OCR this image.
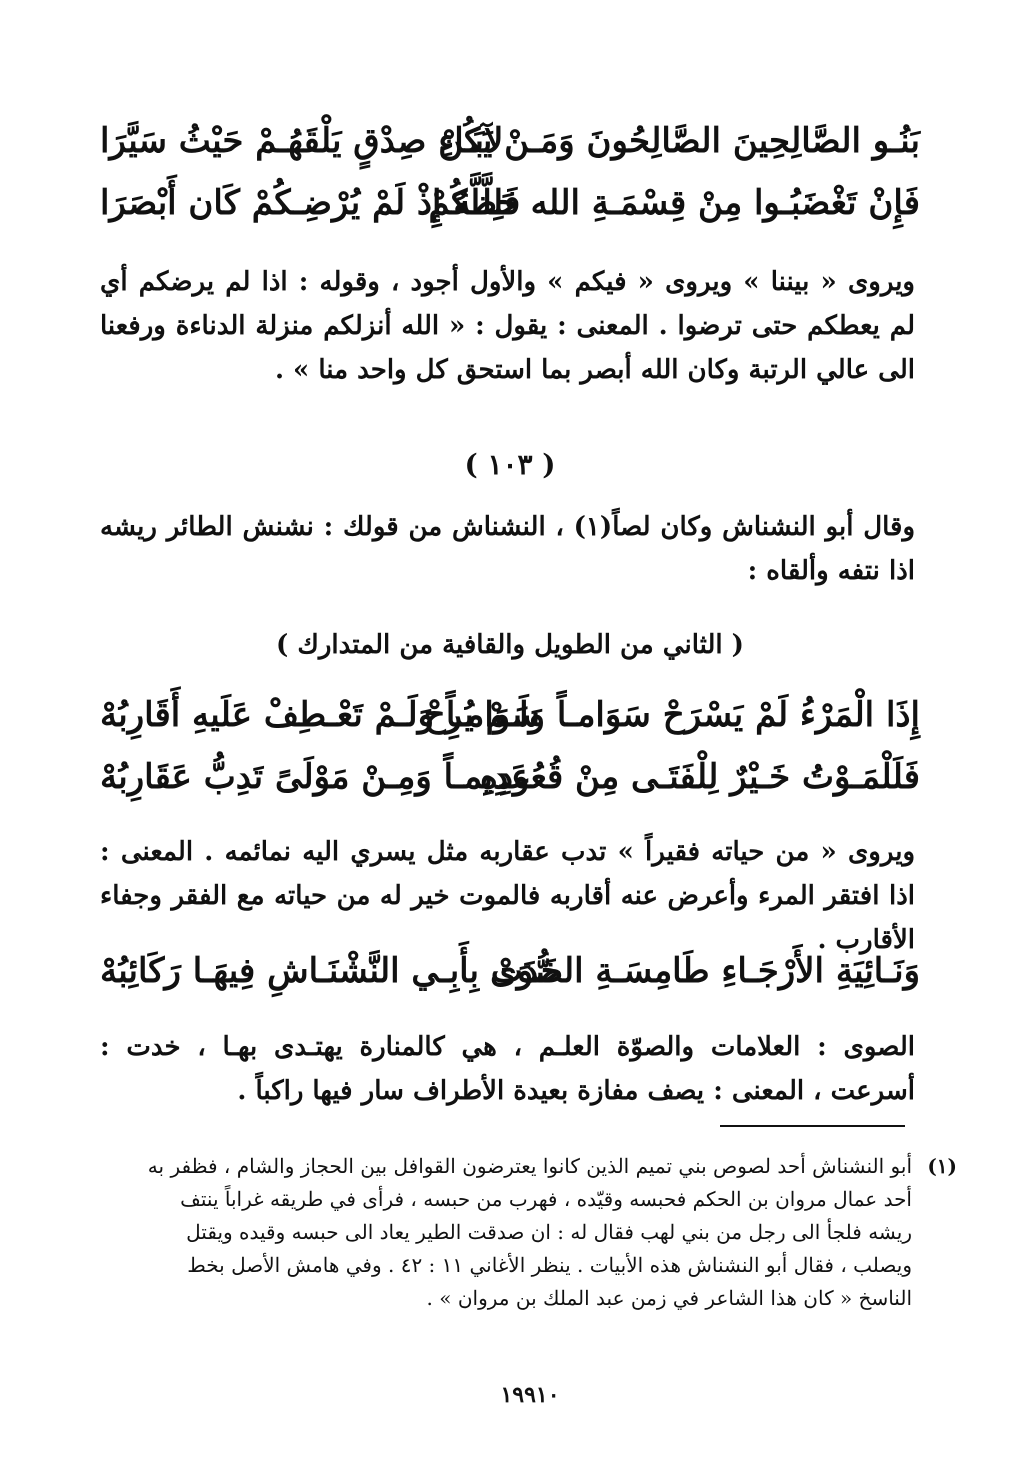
بَنُـو الصَّالِحِينَ الصَّالِحُونَ وَمَـنْ يَكُنْ
لآبَـاءِ صِدْقٍ يَلْقَهُـمْ حَيْثُ سَيَّرَا
فَإِنْ تَغْضَبُـوا مِنْ قِسْمَـةِ الله حَظَّكُمْ
فَلِلَّـهُ إِذْ لَمْ يُرْضِـكُمْ كَان أَبْصَرَا

ويروى « بيننا » ويروى « فيكم » والأول أجود ، وقوله : اذا لم يرضكم أي لم يعطكم حتى ترضوا . المعنى : يقول : « الله أنزلكم منزلة الدناءة ورفعنا الى عالي الرتبة وكان الله أبصر بما استحق كل واحد منا » .

( ١٠٣ )

وقال أبو النشناش وكان لصاً(١) ، النشناش من قولك : نشنش الطائر ريشه اذا نتفه وألقاه :

( الثاني من الطويل والقافية من المتدارك )

إِذَا الْمَرْءُ لَمْ يَسْرَحْ سَوَامـاً وَلَـمْ يُرِحْ
سَوَامـاً وَلَـمْ تَعْـطِفْ عَلَيهِ أَقَارِبُهْ
فَلَلْمَـوْتُ خَـيْرٌ لِلْفَتَـى مِنْ قُعُودِهِ
عَدِيمـاً وَمِـنْ مَوْلَىً تَدِبُّ عَقَارِبُهْ

ويروى « من حياته فقيراً » تدب عقاربه مثل يسري اليه نمائمه . المعنى : اذا افتقر المرء وأعرض عنه أقاربه فالموت خير له من حياته مع الفقر وجفاء الأقارب .

وَنَـائِيَةِ الأَرْجَـاءِ طَامِسَـةِ الصُّوَى
خَدَتْ بِأَبِـي النَّشْنَـاشِ فِيهَـا رَكَائِبُهْ

الصوى : العلامات والصوّة العلـم ، هي كالمنارة يهتـدى بهـا ، خدت : أسرعت ، المعنى : يصف مفازة بعيدة الأطراف سار فيها راكباً .

(١)

أبو النشناش أحد لصوص بني تميم الذين كانوا يعترضون القوافل بين الحجاز والشام ، فظفر به أحد عمال مروان بن الحكم فحبسه وقيّده ، فهرب من حبسه ، فرأى في طريقه غراباً ينتف ريشه فلجأ الى رجل من بني لهب فقال له : ان صدقت الطير يعاد الى حبسه وقيده ويقتل ويصلب ، فقال أبو النشناش هذه الأبيات . ينظر الأغاني ١١ : ٤٢ . وفي هامش الأصل بخط الناسخ « كان هذا الشاعر في زمن عبد الملك بن مروان » .

١٩٩١٠
